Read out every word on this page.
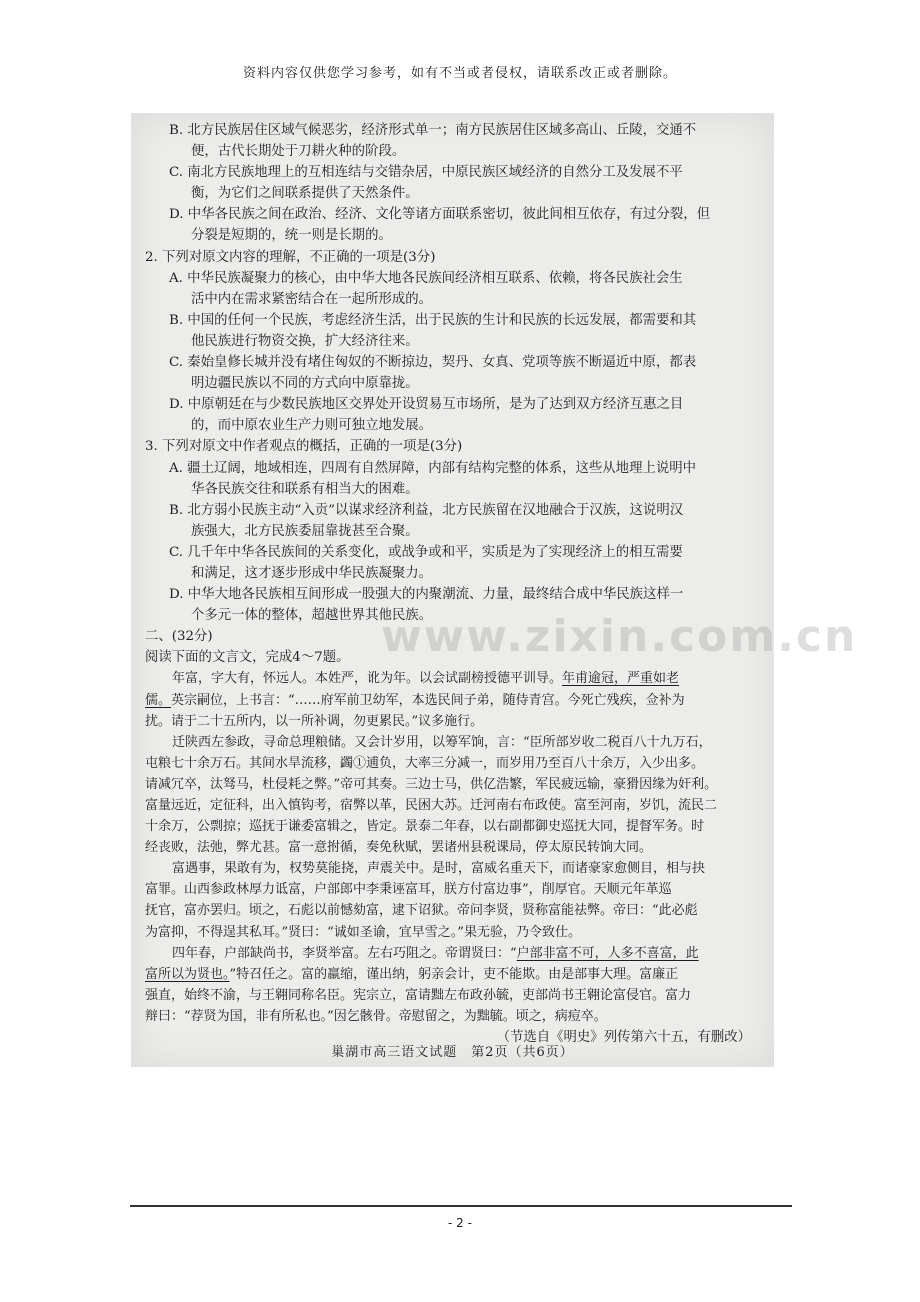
资料内容仅供您学习参考，如有不当或者侵权，请联系改正或者删除。
B. 北方民族居住区域气候恶劣，经济形式单一；南方民族居住区域多高山、丘陵，交通不
便，古代长期处于刀耕火种的阶段。
C. 南北方民族地理上的互相连结与交错杂居，中原民族区域经济的自然分工及发展不平
衡，为它们之间联系提供了天然条件。
D. 中华各民族之间在政治、经济、文化等诸方面联系密切，彼此间相互依存，有过分裂，但
分裂是短期的，统一则是长期的。
2. 下列对原文内容的理解，不正确的一项是(3分)
A. 中华民族凝聚力的核心，由中华大地各民族间经济相互联系、依赖，将各民族社会生
活中内在需求紧密结合在一起所形成的。
B. 中国的任何一个民族，考虑经济生活，出于民族的生计和民族的长远发展，都需要和其
他民族进行物资交换，扩大经济往来。
C. 秦始皇修长城并没有堵住匈奴的不断掠边，契丹、女真、党项等族不断逼近中原，都表
明边疆民族以不同的方式向中原靠拢。
D. 中原朝廷在与少数民族地区交界处开设贸易互市场所，是为了达到双方经济互惠之目
的，而中原农业生产力则可独立地发展。
3. 下列对原文中作者观点的概括，正确的一项是(3分)
A. 疆土辽阔，地域相连，四周有自然屏障，内部有结构完整的体系，这些从地理上说明中
华各民族交往和联系有相当大的困难。
B. 北方弱小民族主动“入贡”以谋求经济利益，北方民族留在汉地融合于汉族，这说明汉
族强大，北方民族委屈靠拢甚至合聚。
C. 几千年中华各民族间的关系变化，或战争或和平，实质是为了实现经济上的相互需要
和满足，这才逐步形成中华民族凝聚力。
D. 中华大地各民族相互间形成一股强大的内聚潮流、力量，最终结合成中华民族这样一
个多元一体的整体，超越世界其他民族。
二、(32分)
阅读下面的文言文，完成4～7题。
年富，字大有，怀远人。本姓严，讹为年。以会试副榜授德平训导。年甫逾冠，严重如老
儒。英宗嗣位，上书言：“……府军前卫幼军，本选民间子弟，随侍青宫。今死亡残疾，佥补为
扰。请于二十五所内，以一所补调，勿更累民。”议多施行。
迁陕西左参政，寻命总理粮储。又会计岁用，以筹军饷，言：“臣所部岁收二税百八十九万石，
屯粮七十余万石。其间水旱流移，蠲①逋负，大率三分减一，而岁用乃至百八十余万，入少出多。
请减冗卒，汰驽马，杜侵耗之弊。”帝可其奏。三边士马，供亿浩繁，军民疲远输，豪猾因缘为奸利。
富量远近，定征科，出入慎钩考，宿弊以革，民困大苏。迁河南右布政使。富至河南，岁饥，流民二
十余万，公剽掠；巡抚于谦委富辑之，皆定。景泰二年春，以右副都御史巡抚大同，提督军务。时
经丧败，法弛，弊尤甚。富一意拊循，奏免秋赋，罢诸州县税课局，停太原民转饷大同。
富遇事，果敢有为，权势莫能挠，声震关中。是时，富威名重天下，而诸豪家愈侧目，相与抉
富罪。山西参政林厚力诋富，户部郎中李秉诬富耳，朕方付富边事”，削厚官。天顺元年革巡
抚官，富亦罢归。顷之，石彪以前憾劾富，逮下诏狱。帝问李贤，贤称富能祛弊。帝曰：“此必彪
为富抑，不得逞其私耳。”贤曰：“诚如圣谕，宜早雪之。”果无验，乃令致仕。
四年春，户部缺尚书，李贤举富。左右巧阻之。帝谓贤曰：“户部非富不可，人多不喜富，此
富所以为贤也。”特召任之。富的羸缩，谨出纳，躬亲会计，吏不能欺。由是部事大理。富廉正
强直，始终不渝，与王翱同称名臣。宪宗立，富请黜左布政孙毓，吏部尚书王翱论富侵官。富力
辩曰：“荐贤为国，非有所私也。”因乞骸骨。帝慰留之，为黜毓。顷之，病痘卒。
（节选自《明史》列传第六十五，有删改）
www.zixin.com.cn
巢湖市高三语文试题　第2页（共6页）
- 2 -
